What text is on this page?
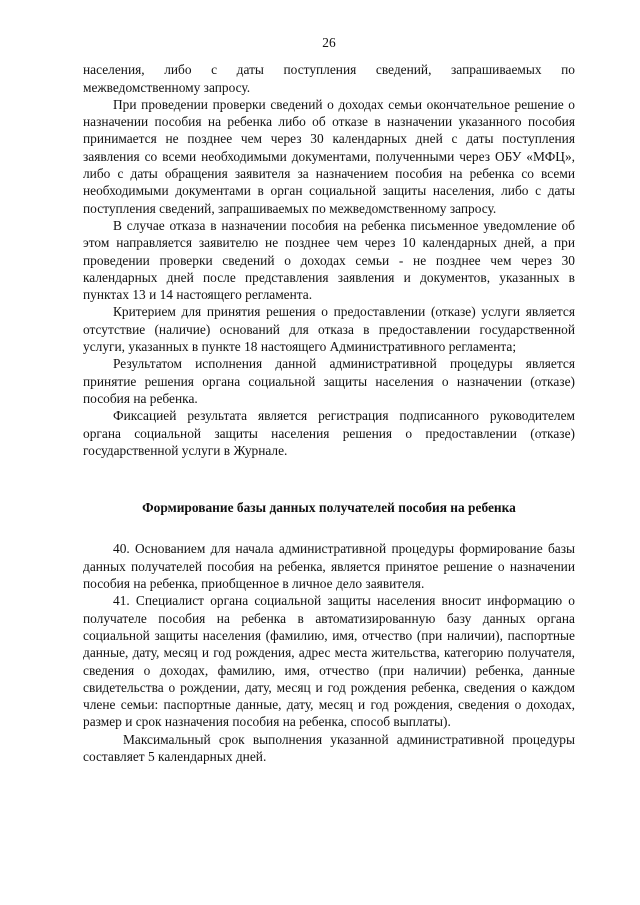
26

населения, либо с даты поступления сведений, запрашиваемых по межведомственному запросу.

При проведении проверки сведений о доходах семьи окончательное решение о назначении пособия на ребенка либо об отказе в назначении указанного пособия принимается не позднее чем через 30 календарных дней с даты поступления заявления со всеми необходимыми документами, полученными через ОБУ «МФЦ», либо с даты обращения заявителя за назначением пособия на ребенка со всеми необходимыми документами в орган социальной защиты населения, либо с даты поступления сведений, запрашиваемых по межведомственному запросу.

В случае отказа в назначении пособия на ребенка письменное уведомление об этом направляется заявителю не позднее чем через 10 календарных дней, а при проведении проверки сведений о доходах семьи - не позднее чем через 30 календарных дней после представления заявления и документов, указанных в пунктах 13 и 14 настоящего регламента.

Критерием для принятия решения о предоставлении (отказе) услуги является отсутствие (наличие) оснований для отказа в предоставлении государственной услуги, указанных в пункте 18 настоящего Административного регламента;

Результатом исполнения данной административной процедуры является принятие решения органа социальной защиты населения о назначении (отказе) пособия на ребенка.

Фиксацией результата является регистрация подписанного руководителем органа социальной защиты населения решения о предоставлении (отказе) государственной услуги в Журнале.

Формирование базы данных получателей пособия на ребенка

40. Основанием для начала административной процедуры формирование базы данных получателей пособия на ребенка, является принятое решение о назначении пособия на ребенка, приобщенное в личное дело заявителя.

41. Специалист органа социальной защиты населения вносит информацию о получателе пособия на ребенка в автоматизированную базу данных органа социальной защиты населения (фамилию, имя, отчество (при наличии), паспортные данные, дату, месяц и год рождения, адрес места жительства, категорию получателя, сведения о доходах, фамилию, имя, отчество (при наличии) ребенка, данные свидетельства о рождении, дату, месяц и год рождения ребенка, сведения о каждом члене семьи: паспортные данные, дату, месяц и год рождения, сведения о доходах, размер и срок назначения пособия на ребенка, способ выплаты).

Максимальный срок выполнения указанной административной процедуры составляет 5 календарных дней.
